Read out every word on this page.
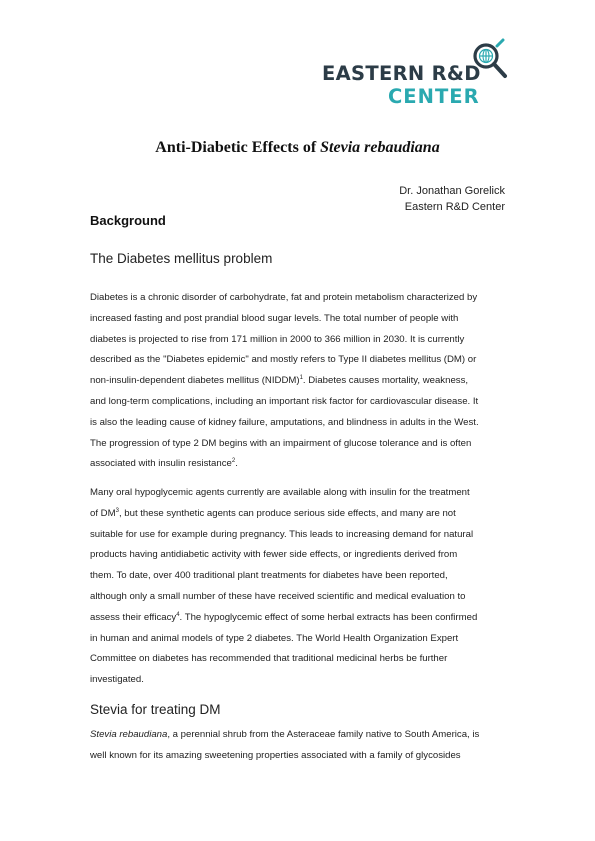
EASTERN R&D
CENTER
Anti-Diabetic Effects of Stevia rebaudiana
Dr. Jonathan Gorelick
Eastern R&D Center
Background
The Diabetes mellitus problem
Diabetes is a chronic disorder of carbohydrate, fat and protein metabolism characterized by
increased fasting and post prandial blood sugar levels. The total number of people with
diabetes is projected to rise from 171 million in 2000 to 366 million in 2030. It is currently
described as the "Diabetes epidemic" and mostly refers to Type II diabetes mellitus (DM) or
non-insulin-dependent diabetes mellitus (NIDDM)$^1$. Diabetes causes mortality, weakness,
and long-term complications, including an important risk factor for cardiovascular disease. It
is also the leading cause of kidney failure, amputations, and blindness in adults in the West.
The progression of type 2 DM begins with an impairment of glucose tolerance and is often
associated with insulin resistance$^2$.
Many oral hypoglycemic agents currently are available along with insulin for the treatment
of $DM^3$, but these synthetic agents can produce serious side effects, and many are not
suitable for use for example during pregnancy. This leads to increasing demand for natural
products having antidiabetic activity with fewer side effects, or ingredients derived from
them. To date, over 400 traditional plant treatments for diabetes have been reported,
although only a small number of these have received scientific and medical evaluation to
assess their efficacy$^4$. The hypoglycemic effect of some herbal extracts has been confirmed
in human and animal models of type 2 diabetes. The World Health Organization Expert
Committee on diabetes has recommended that traditional medicinal herbs be further
investigated.
Stevia for treating DM
Stevia rebaudiana, a perennial shrub from the Asteraceae family native to South America, is
well known for its amazing sweetening properties associated with a family of glycosides
